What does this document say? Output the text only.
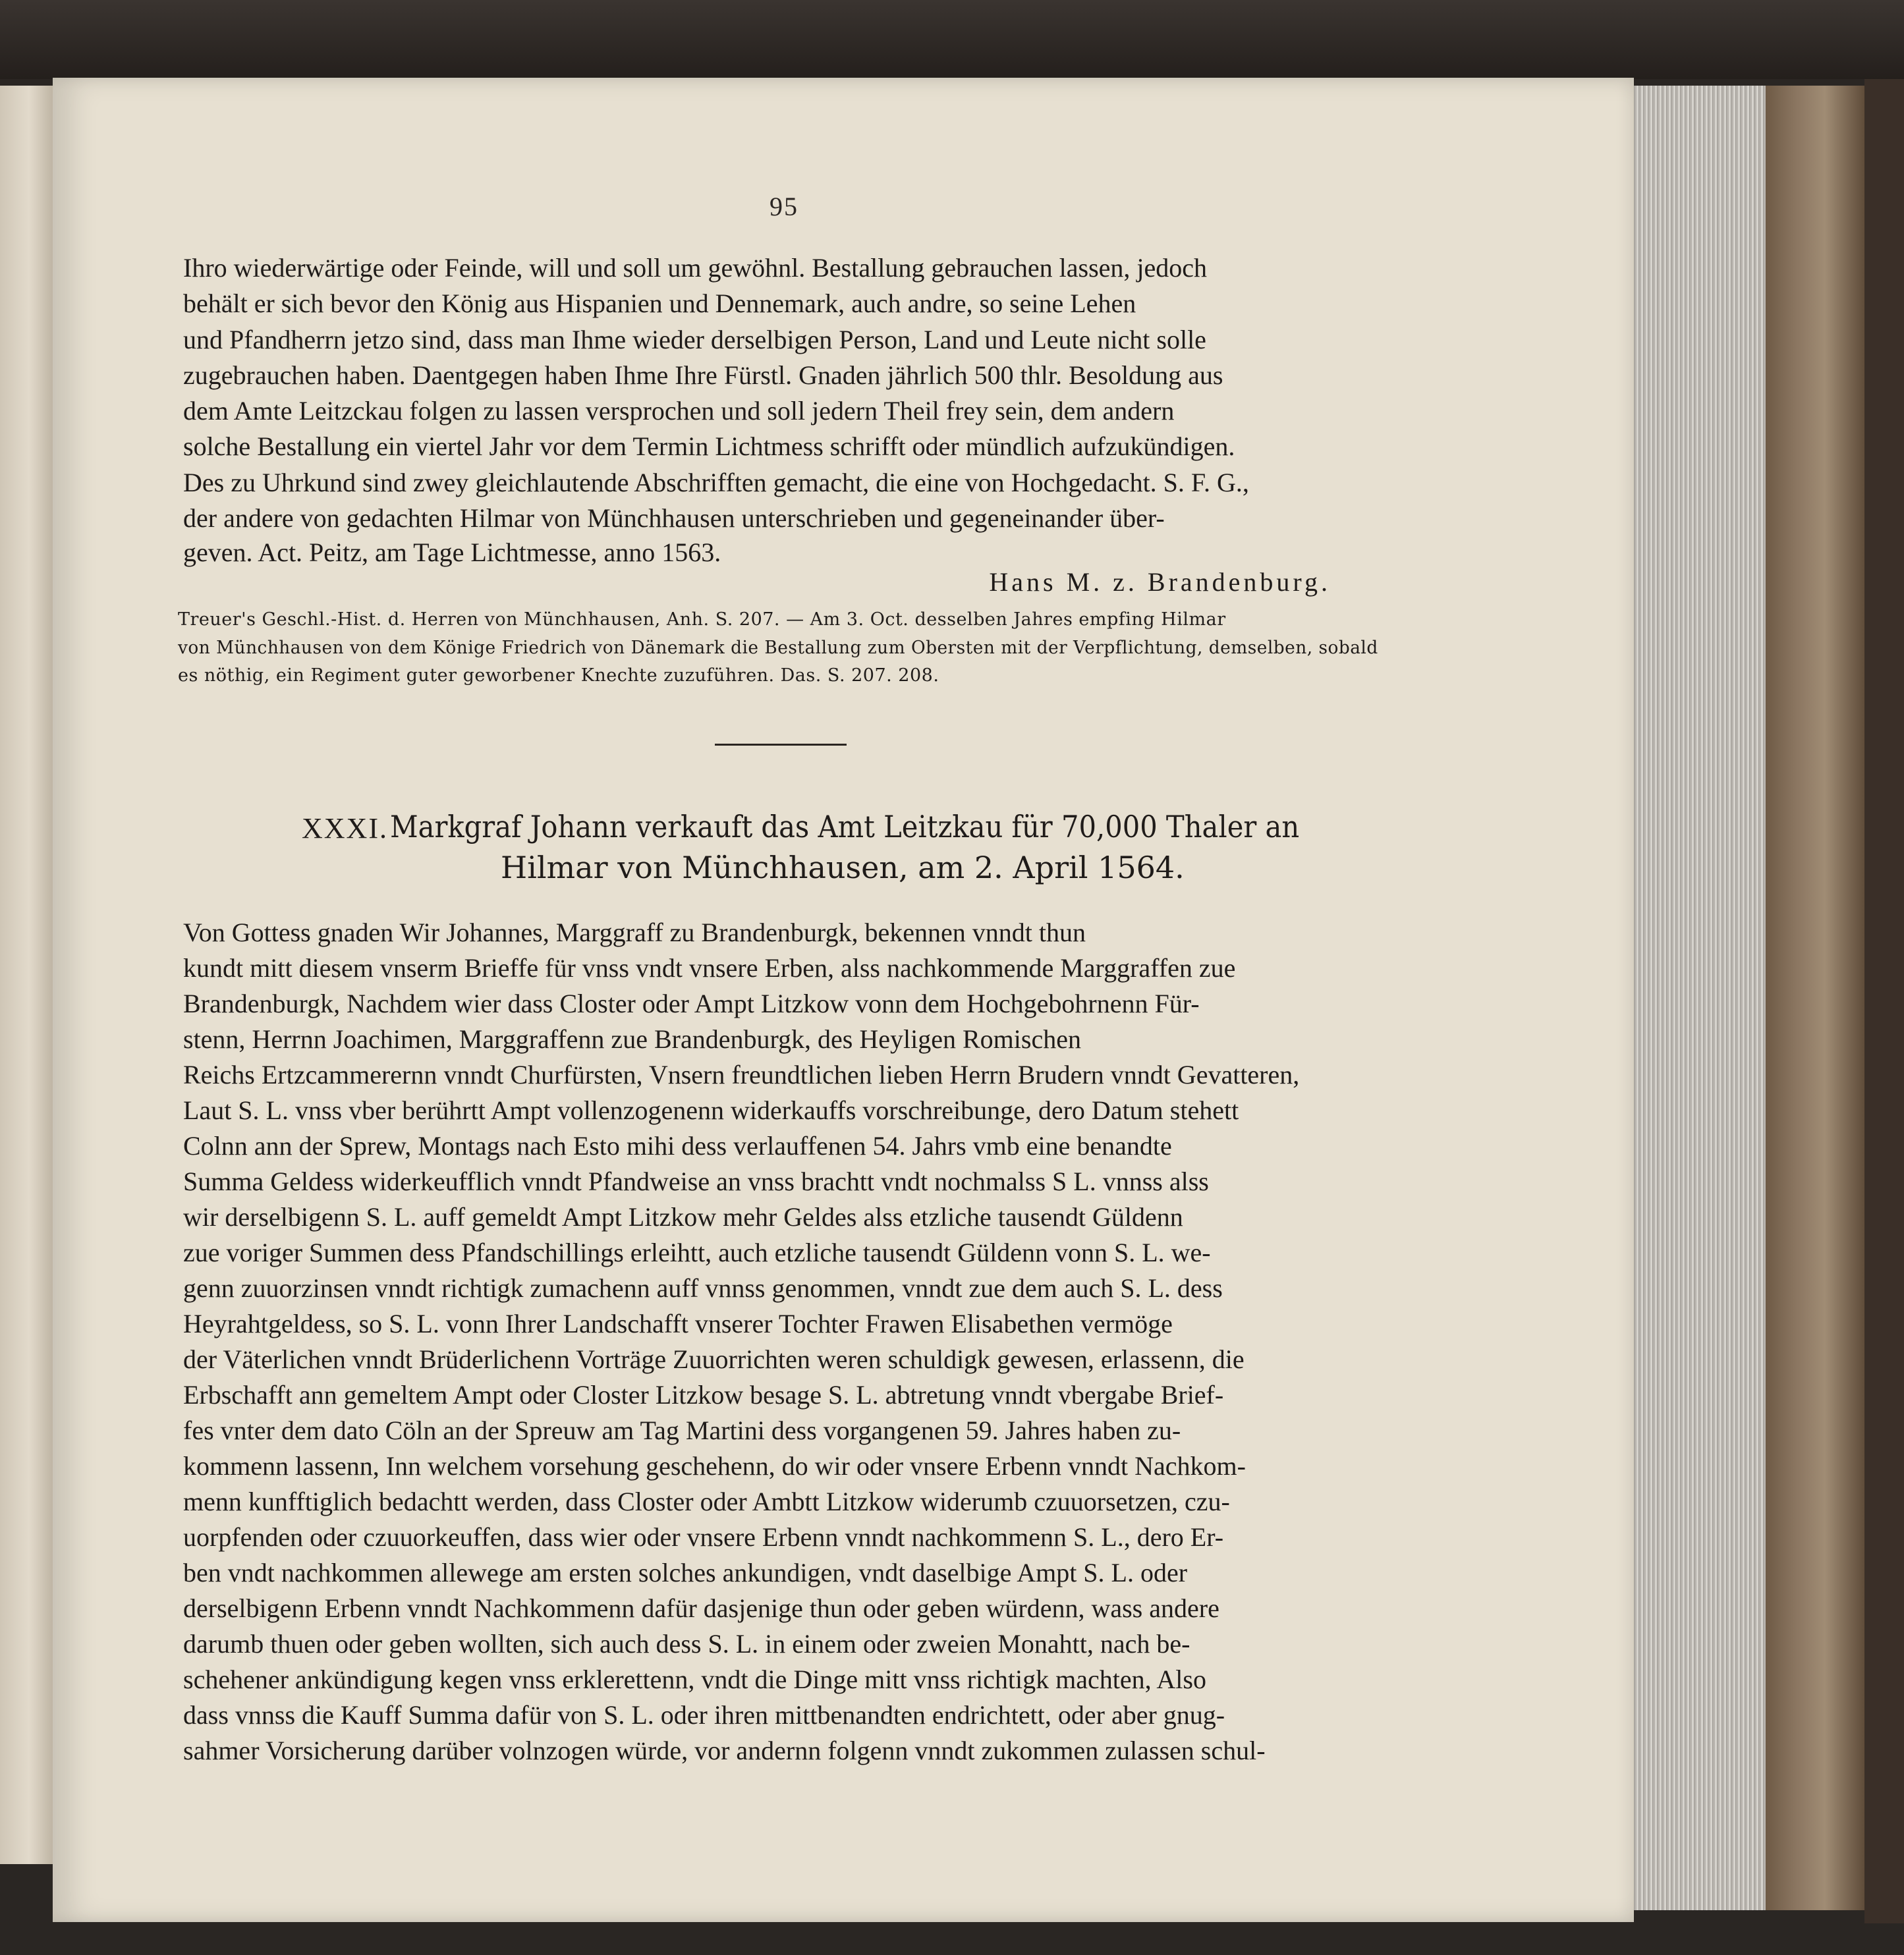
95
Ihro wiederwärtige oder Feinde, will und soll um gewöhnl. Bestallung gebrauchen lassen, jedoch
behält er sich bevor den König aus Hispanien und Dennemark, auch andre, so seine Lehen
und Pfandherrn jetzo sind, dass man Ihme wieder derselbigen Person, Land und Leute nicht solle
zugebrauchen haben. Daentgegen haben Ihme Ihre Fürstl. Gnaden jährlich 500 thlr. Besoldung aus
dem Amte Leitzckau folgen zu lassen versprochen und soll jedern Theil frey sein, dem andern
solche Bestallung ein viertel Jahr vor dem Termin Lichtmess schrifft oder mündlich aufzukündigen.
Des zu Uhrkund sind zwey gleichlautende Abschrifften gemacht, die eine von Hochgedacht. S. F. G.,
der andere von gedachten Hilmar von Münchhausen unterschrieben und gegeneinander über-
geven. Act. Peitz, am Tage Lichtmesse, anno 1563.
Hans M. z. Brandenburg.
Treuer's Geschl.-Hist. d. Herren von Münchhausen, Anh. S. 207. — Am 3. Oct. desselben Jahres empfing Hilmar
von Münchhausen von dem Könige Friedrich von Dänemark die Bestallung zum Obersten mit der Verpflichtung, demselben, sobald
es nöthig, ein Regiment guter geworbener Knechte zuzuführen. Das. S. 207. 208.
XXXI. Markgraf Johann verkauft das Amt Leitzkau für 70,000 Thaler an
Hilmar von Münchhausen, am 2. April 1564.
Von Gottess gnaden Wir Johannes, Marggraff zu Brandenburgk, bekennen vnndt thun
kundt mitt diesem vnserm Brieffe für vnss vndt vnsere Erben, alss nachkommende Marggraffen zue
Brandenburgk, Nachdem wier dass Closter oder Ampt Litzkow vonn dem Hochgebohrnenn Für-
stenn, Herrnn Joachimen, Marggraffenn zue Brandenburgk, des Heyligen Romischen
Reichs Ertzcammerernn vnndt Churfürsten, Vnsern freundtlichen lieben Herrn Brudern vnndt Gevatteren,
Laut S. L. vnss vber berührtt Ampt vollenzogenenn widerkauffs vorschreibunge, dero Datum stehett
Colnn ann der Sprew, Montags nach Esto mihi dess verlauffenen 54. Jahrs vmb eine benandte
Summa Geldess widerkeufflich vnndt Pfandweise an vnss brachtt vndt nochmalss S L. vnnss alss
wir derselbigenn S. L. auff gemeldt Ampt Litzkow mehr Geldes alss etzliche tausendt Güldenn
zue voriger Summen dess Pfandschillings erleihtt, auch etzliche tausendt Güldenn vonn S. L. we-
genn zuuorzinsen vnndt richtigk zumachenn auff vnnss genommen, vnndt zue dem auch S. L. dess
Heyrahtgeldess, so S. L. vonn Ihrer Landschafft vnserer Tochter Frawen Elisabethen vermöge
der Väterlichen vnndt Brüderlichenn Vorträge Zuuorrichten weren schuldigk gewesen, erlassenn, die
Erbschafft ann gemeltem Ampt oder Closter Litzkow besage S. L. abtretung vnndt vbergabe Brief-
fes vnter dem dato Cöln an der Spreuw am Tag Martini dess vorgangenen 59. Jahres haben zu-
kommenn lassenn, Inn welchem vorsehung geschehenn, do wir oder vnsere Erbenn vnndt Nachkom-
menn kunfftiglich bedachtt werden, dass Closter oder Ambtt Litzkow widerumb czuuorsetzen, czu-
uorpfenden oder czuuorkeuffen, dass wier oder vnsere Erbenn vnndt nachkommenn S. L., dero Er-
ben vndt nachkommen allewege am ersten solches ankundigen, vndt daselbige Ampt S. L. oder
derselbigenn Erbenn vnndt Nachkommenn dafür dasjenige thun oder geben würdenn, wass andere
darumb thuen oder geben wollten, sich auch dess S. L. in einem oder zweien Monahtt, nach be-
schehener ankündigung kegen vnss erklerettenn, vndt die Dinge mitt vnss richtigk machten, Also
dass vnnss die Kauff Summa dafür von S. L. oder ihren mittbenandten endrichtett, oder aber gnug-
sahmer Vorsicherung darüber volnzogen würde, vor andernn folgenn vnndt zukommen zulassen schul-
